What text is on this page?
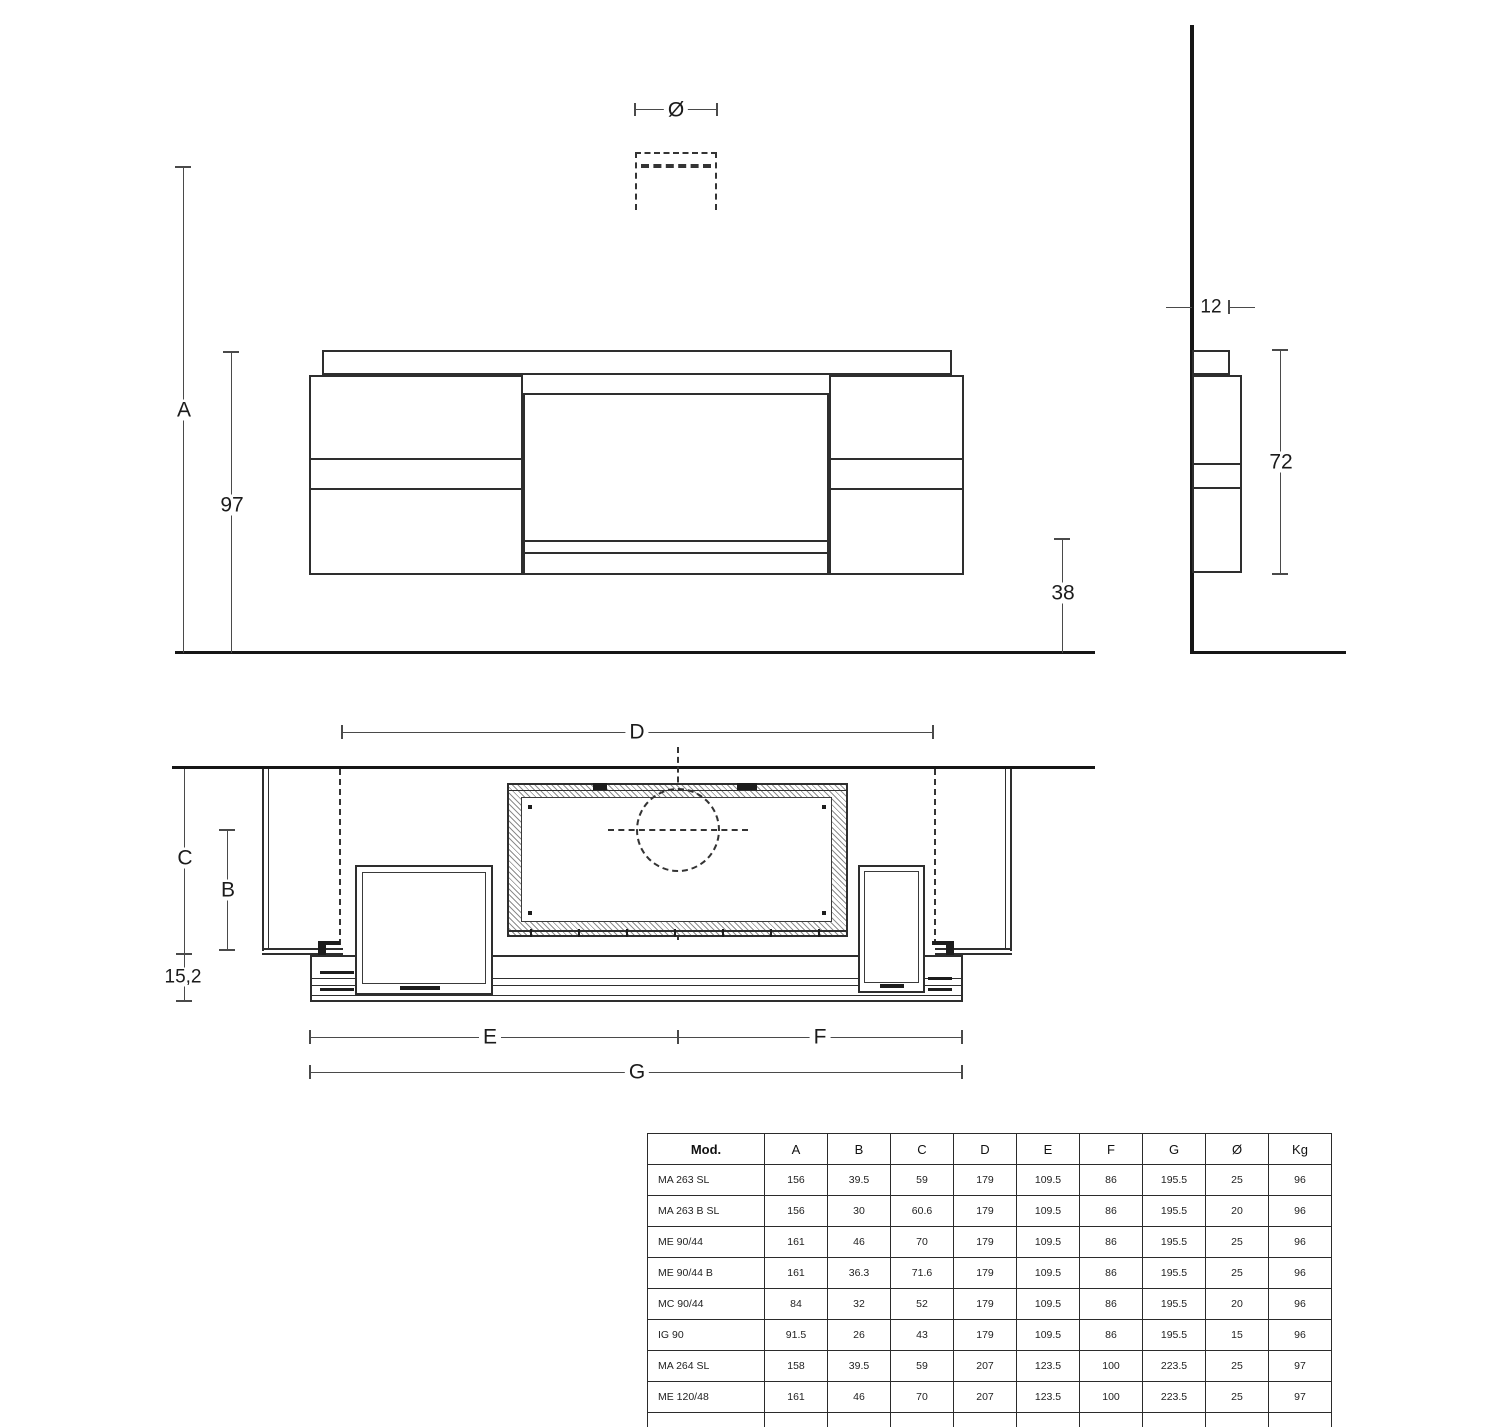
A
97
38
Ø
12
72
D
C
B
15,2
E	F
G
Mod.	A	B	C	D	E	F	G	Ø	Kg
MA 263 SL	156	39.5	59	179	109.5	86	195.5	25	96
MA 263 B SL	156	30	60.6	179	109.5	86	195.5	20	96
ME 90/44	161	46	70	179	109.5	86	195.5	25	96
ME 90/44 B	161	36.3	71.6	179	109.5	86	195.5	25	96
MC 90/44	84	32	52	179	109.5	86	195.5	20	96
IG 90	91.5	26	43	179	109.5	86	195.5	15	96
MA 264 SL	158	39.5	59	207	123.5	100	223.5	25	97
ME 120/48	161	46	70	207	123.5	100	223.5	25	97
